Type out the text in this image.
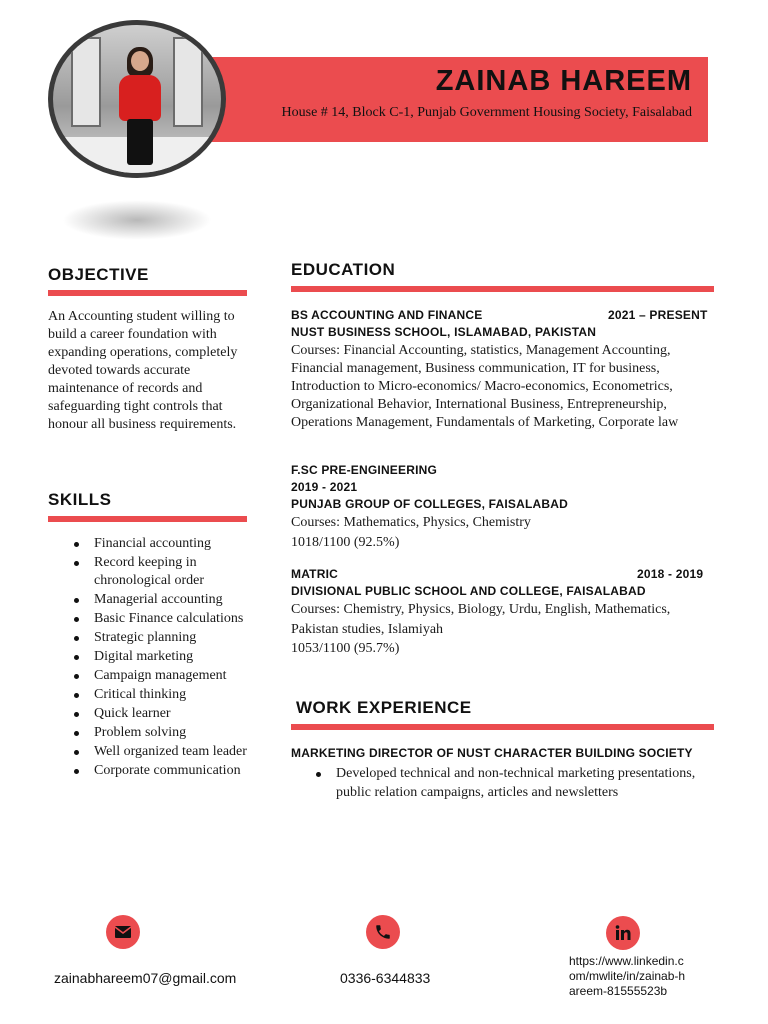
ZAINAB HAREEM
House # 14, Block C-1, Punjab Government Housing Society, Faisalabad
OBJECTIVE
An Accounting student willing to build a career foundation with expanding operations, completely devoted towards accurate maintenance of records and safeguarding tight controls that honour all business requirements.
SKILLS
Financial accounting
Record keeping in chronological order
Managerial accounting
Basic Finance calculations
Strategic planning
Digital marketing
Campaign management
Critical thinking
Quick learner
Problem solving
Well organized team leader
Corporate communication
EDUCATION
BS ACCOUNTING AND FINANCE	2021 – PRESENT
NUST BUSINESS SCHOOL, ISLAMABAD, PAKISTAN
Courses: Financial Accounting, statistics, Management Accounting, Financial management, Business communication, IT for business, Introduction to Micro-economics/ Macro-economics, Econometrics, Organizational Behavior, International Business, Entrepreneurship, Operations Management, Fundamentals of Marketing, Corporate law
F.SC PRE-ENGINEERING
2019 - 2021
PUNJAB GROUP OF COLLEGES, FAISALABAD
Courses: Mathematics, Physics, Chemistry
1018/1100 (92.5%)
MATRIC	2018 - 2019
DIVISIONAL PUBLIC SCHOOL AND COLLEGE, FAISALABAD
Courses: Chemistry, Physics, Biology, Urdu, English, Mathematics, Pakistan studies, Islamiyah
1053/1100 (95.7%)
WORK EXPERIENCE
MARKETING DIRECTOR OF NUST CHARACTER BUILDING SOCIETY
Developed technical and non-technical marketing presentations, public relation campaigns, articles and newsletters
zainabhareem07@gmail.com	0336-6344833
https://www.linkedin.com/mwlite/in/zainab-hareem-81555523b
